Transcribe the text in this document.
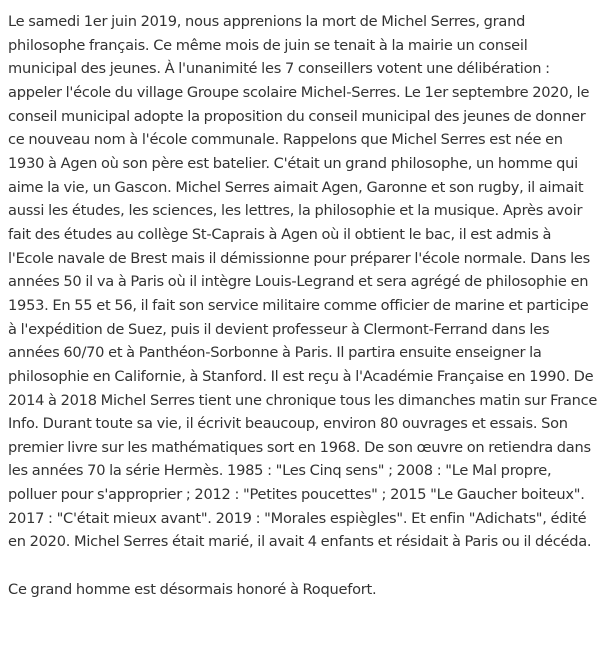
Le samedi 1er juin 2019, nous apprenions la mort de Michel Serres, grand philosophe français. Ce même mois de juin se tenait à la mairie un conseil municipal des jeunes. À l'unanimité les 7 conseillers votent une délibération : appeler l'école du village Groupe scolaire Michel-Serres. Le 1er septembre 2020, le conseil municipal adopte la proposition du conseil municipal des jeunes de donner ce nouveau nom à l'école communale. Rappelons que Michel Serres est née en 1930 à Agen où son père est batelier. C'était un grand philosophe, un homme qui aime la vie, un Gascon. Michel Serres aimait Agen, Garonne et son rugby, il aimait aussi les études, les sciences, les lettres, la philosophie et la musique. Après avoir fait des études au collège St-Caprais à Agen où il obtient le bac, il est admis à l'Ecole navale de Brest mais il démissionne pour préparer l'école normale. Dans les années 50 il va à Paris où il intègre Louis-Legrand et sera agrégé de philosophie en 1953. En 55 et 56, il fait son service militaire comme officier de marine et participe à l'expédition de Suez, puis il devient professeur à Clermont-Ferrand dans les années 60/70 et à Panthéon-Sorbonne à Paris. Il partira ensuite enseigner la philosophie en Californie, à Stanford. Il est reçu à l'Académie Française en 1990. De 2014 à 2018 Michel Serres tient une chronique tous les dimanches matin sur France Info. Durant toute sa vie, il écrivit beaucoup, environ 80 ouvrages et essais. Son premier livre sur les mathématiques sort en 1968. De son œuvre on retiendra dans les années 70 la série Hermès. 1985 : "Les Cinq sens" ; 2008 : "Le Mal propre, polluer pour s'approprier ; 2012 : "Petites poucettes" ; 2015 "Le Gaucher boiteux". 2017 : "C'était mieux avant". 2019 : "Morales espiègles". Et enfin "Adichats", édité en 2020. Michel Serres était marié, il avait 4 enfants et résidait à Paris ou il décéda.

Ce grand homme est désormais honoré à Roquefort.
